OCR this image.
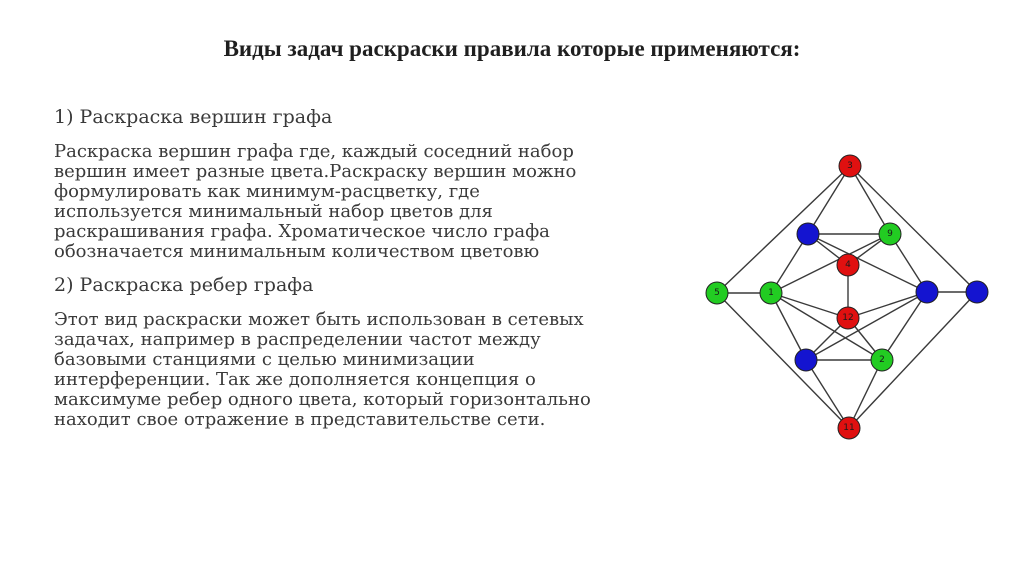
Виды задач раскраски правила которые применяются:
1) Раскраска вершин графа
Раскраска вершин графа где, каждый соседний набор
вершин имеет разные цвета.Раскраску вершин можно
формулировать как минимум-расцветку, где
используется минимальный набор цветов для
раскрашивания графа. Хроматическое число графа
обозначается минимальным количеством цветовю
2) Раскраска ребер графа
Этот вид раскраски может быть использован в сетевых
задачах, например в распределении частот между
базовыми станциями с целью минимизации
интерференции. Так же дополняется концепция о
максимуме ребер одного цвета, который горизонтально
находит свое отражение в представительстве сети.
3
9
4
5	1
12
2
11
